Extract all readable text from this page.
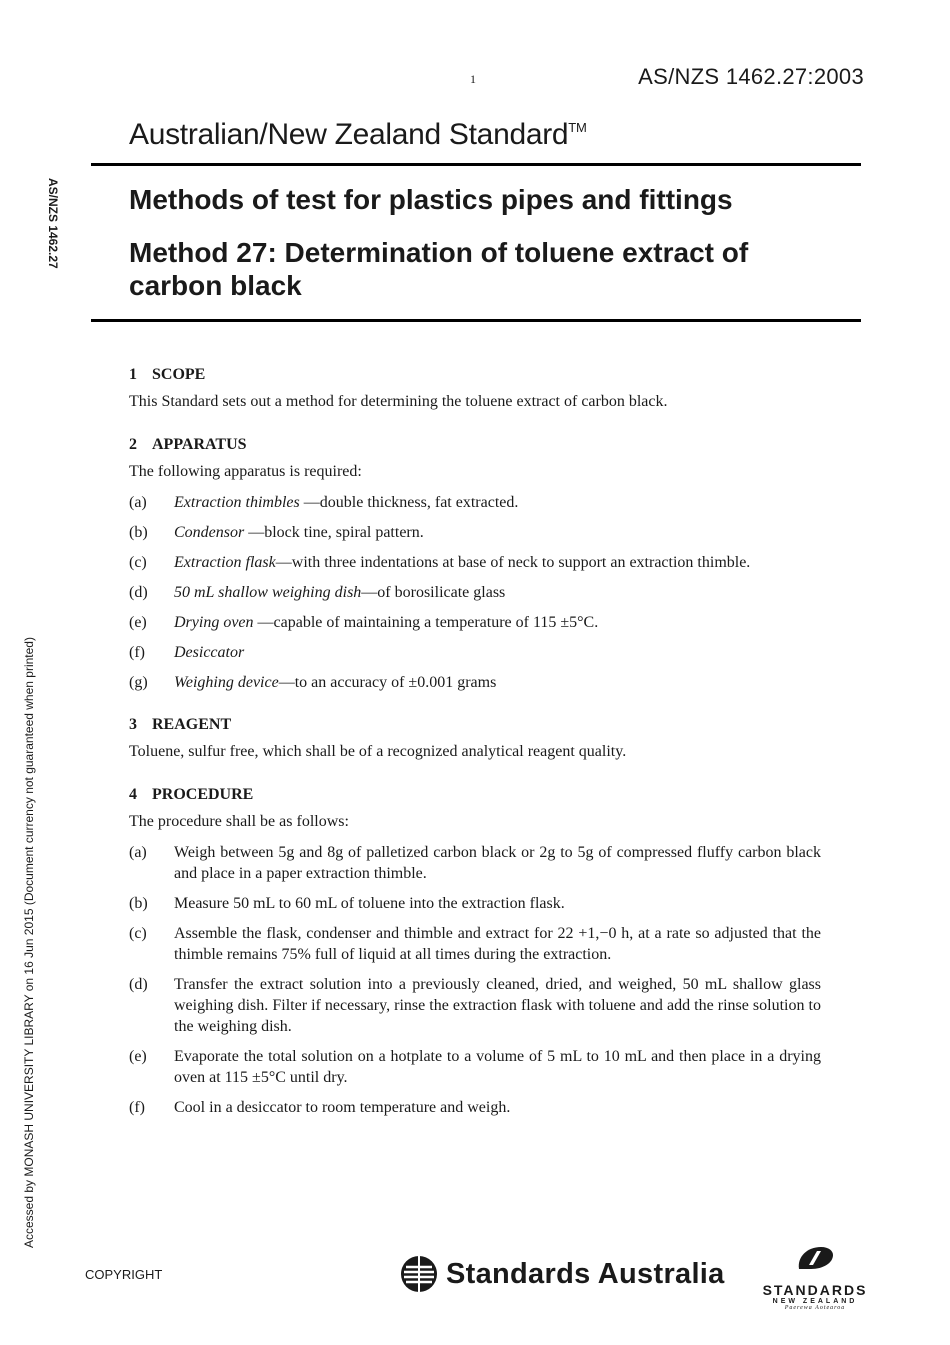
1	AS/NZS 1462.27:2003
Australian/New Zealand Standard™
AS/NZS 1462.27
Accessed by MONASH UNIVERSITY LIBRARY on 16 Jun 2015 (Document currency not guaranteed when printed)
Methods of test for plastics pipes and fittings
Method 27: Determination of toluene extract of carbon black
1 SCOPE
This Standard sets out a method for determining the toluene extract of carbon black.
2 APPARATUS
The following apparatus is required:
(a)	Extraction thimbles —double thickness, fat extracted.
(b)	Condensor —block tine, spiral pattern.
(c)	Extraction flask—with three indentations at base of neck to support an extraction thimble.
(d)	50 mL shallow weighing dish—of borosilicate glass
(e)	Drying oven —capable of maintaining a temperature of 115 ±5°C.
(f)	Desiccator
(g)	Weighing device—to an accuracy of ±0.001 grams
3 REAGENT
Toluene, sulfur free, which shall be of a recognized analytical reagent quality.
4 PROCEDURE
The procedure shall be as follows:
(a)	Weigh between 5g and 8g of palletized carbon black or 2g to 5g of compressed fluffy carbon black and place in a paper extraction thimble.
(b)	Measure 50 mL to 60 mL of toluene into the extraction flask.
(c)	Assemble the flask, condenser and thimble and extract for 22 +1,−0 h, at a rate so adjusted that the thimble remains 75% full of liquid at all times during the extraction.
(d)	Transfer the extract solution into a previously cleaned, dried, and weighed, 50 mL shallow glass weighing dish. Filter if necessary, rinse the extraction flask with toluene and add the rinse solution to the weighing dish.
(e)	Evaporate the total solution on a hotplate to a volume of 5 mL to 10 mL and then place in a drying oven at 115 ±5°C until dry.
(f)	Cool in a desiccator to room temperature and weigh.
COPYRIGHT	Standards Australia
STANDARDS
NEW ZEALAND
Paerewa Aotearoa
